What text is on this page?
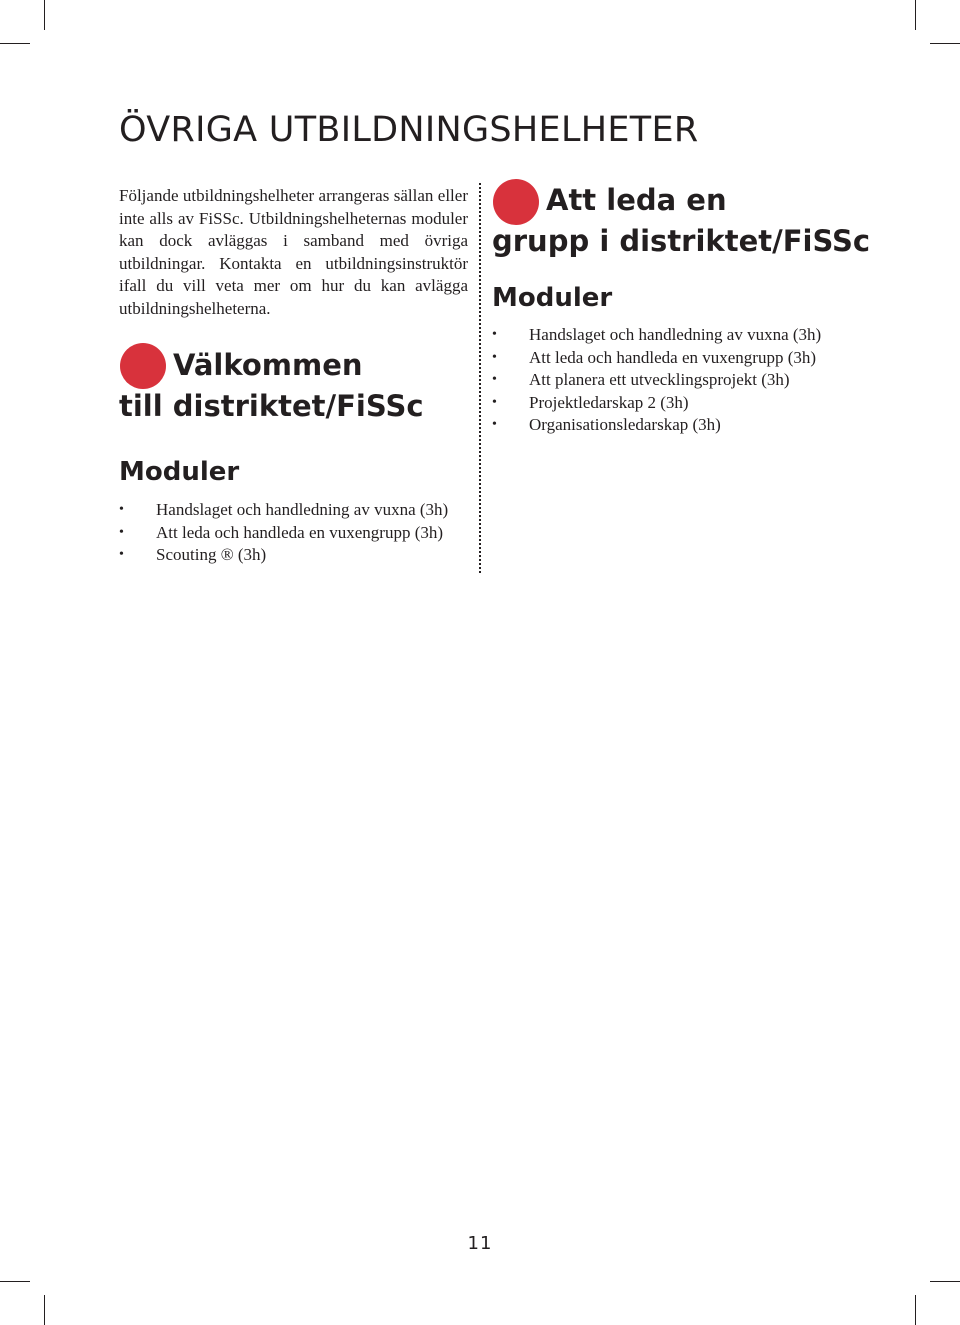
ÖVRIGA UTBILDNINGSHELHETER

Följande utbildningshelheter arrangeras sällan eller inte alls av FiSSc. Utbildningshelheternas moduler kan dock avläggas i samband med övriga utbildningar. Kontakta en utbildningsinstruktör ifall du vill veta mer om hur du kan avlägga utbildningshelheterna.

Välkommen
till distriktet/FiSSc
Moduler
• Handslaget och handledning av vuxna (3h)
• Att leda och handleda en vuxengrupp (3h)
• Scouting ® (3h)
Att leda en
grupp i distriktet/FiSSc
Moduler
• Handslaget och handledning av vuxna (3h)
• Att leda och handleda en vuxengrupp (3h)
• Att planera ett utvecklingsprojekt (3h)
• Projektledarskap 2 (3h)
• Organisationsledarskap (3h)
11
